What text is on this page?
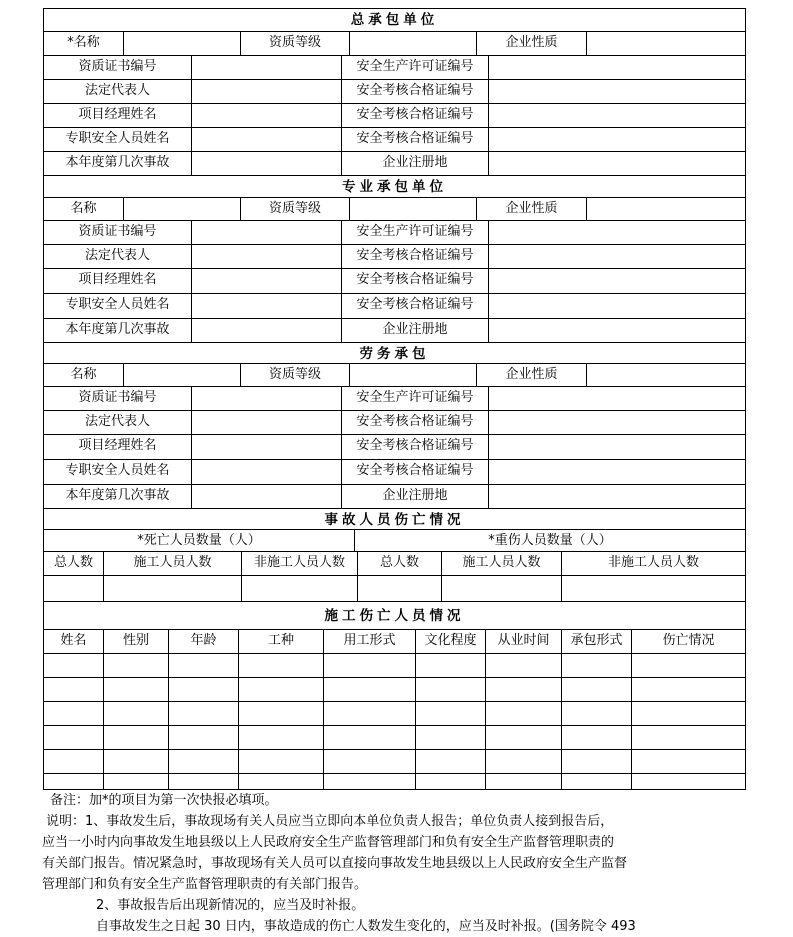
总承包单位
*名称	资质等级	企业性质
资质证书编号	安全生产许可证编号
法定代表人	安全考核合格证编号
项目经理姓名	安全考核合格证编号
专职安全人员姓名	安全考核合格证编号
本年度第几次事故	企业注册地
专业承包单位
名称	资质等级	企业性质
资质证书编号	安全生产许可证编号
法定代表人	安全考核合格证编号
项目经理姓名	安全考核合格证编号
专职安全人员姓名	安全考核合格证编号
本年度第几次事故	企业注册地
劳务承包
名称	资质等级	企业性质
资质证书编号	安全生产许可证编号
法定代表人	安全考核合格证编号
项目经理姓名	安全考核合格证编号
专职安全人员姓名	安全考核合格证编号
本年度第几次事故	企业注册地
事故人员伤亡情况
*死亡人员数量（人）	*重伤人员数量（人）
总人数	施工人员人数	非施工人员人数	总人数	施工人员人数	非施工人员人数
施工伤亡人员情况
姓名	性别	年龄	工种	用工形式	文化程度	从业时间	承包形式	伤亡情况
备注：加*的项目为第一次快报必填项。
说明：1、事故发生后，事故现场有关人员应当立即向本单位负责人报告；单位负责人接到报告后，
应当一小时内向事故发生地县级以上人民政府安全生产监督管理部门和负有安全生产监督管理职责的
有关部门报告。情况紧急时，事故现场有关人员可以直接向事故发生地县级以上人民政府安全生产监督
管理部门和负有安全生产监督管理职责的有关部门报告。
2、事故报告后出现新情况的，应当及时补报。
自事故发生之日起 30 日内，事故造成的伤亡人数发生变化的，应当及时补报。(国务院令 493
